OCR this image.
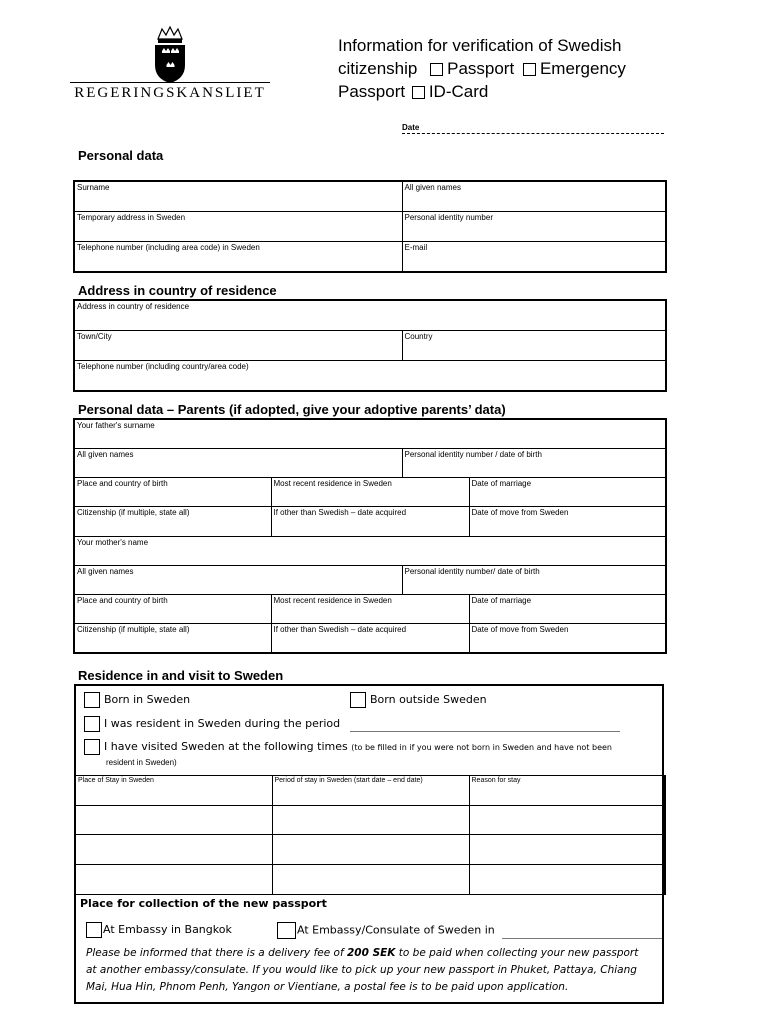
REGERINGSKANSLIET
Information for verification of Swedish
citizenship Passport Emergency
Passport ID-Card
Date
Personal data
Surname	All given names
Temporary address in Sweden	Personal identity number
Telephone number (including area code) in Sweden	E-mail
Address in country of residence
Address in country of residence
Town/City	Country
Telephone number (including country/area code)
Personal data – Parents (if adopted, give your adoptive parents’ data)
Your father's surname			
All given names		Personal identity number / date of birth	
Place and country of birth	Most recent residence in Sweden		Date of marriage
Citizenship (if multiple, state all)	If other than Swedish – date acquired		Date of move from Sweden
Your mother's name			
All given names		Personal identity number/ date of birth	
Place and country of birth	Most recent residence in Sweden		Date of marriage
Citizenship (if multiple, state all)	If other than Swedish – date acquired		Date of move from Sweden
Residence in and visit to Sweden
Born in Sweden	Born outside Sweden
I was resident in Sweden during the period
I have visited Sweden at the following times (to be filled in if you were not born in Sweden and have not been
resident in Sweden)
Place of Stay in Sweden	Period of stay in Sweden (start date – end date)	Reason for stay

Place for collection of the new passport
At Embassy in Bangkok	At Embassy/Consulate of Sweden in
Please be informed that there is a delivery fee of 200 SEK to be paid when collecting your new passport
at another embassy/consulate. If you would like to pick up your new passport in Phuket, Pattaya, Chiang
Mai, Hua Hin, Phnom Penh, Yangon or Vientiane, a postal fee is to be paid upon application.
